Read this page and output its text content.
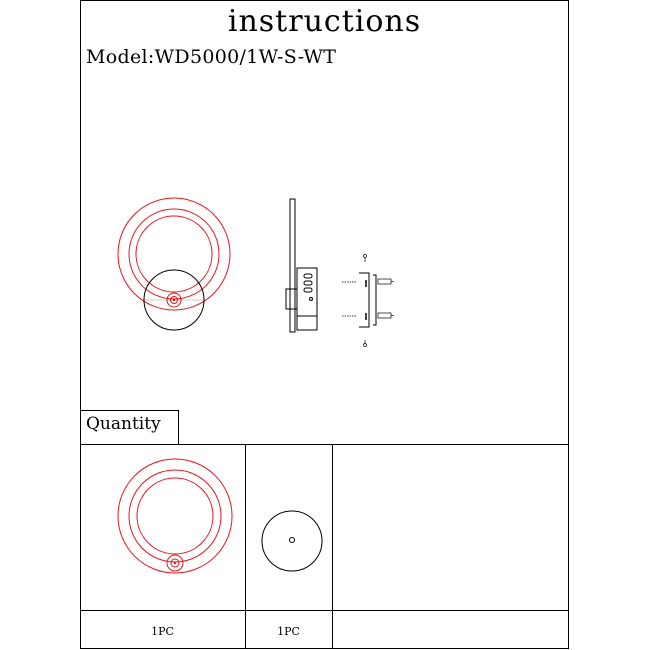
instructions
Model:WD5000/1W-S-WT
Quantity
1PC	1PC
